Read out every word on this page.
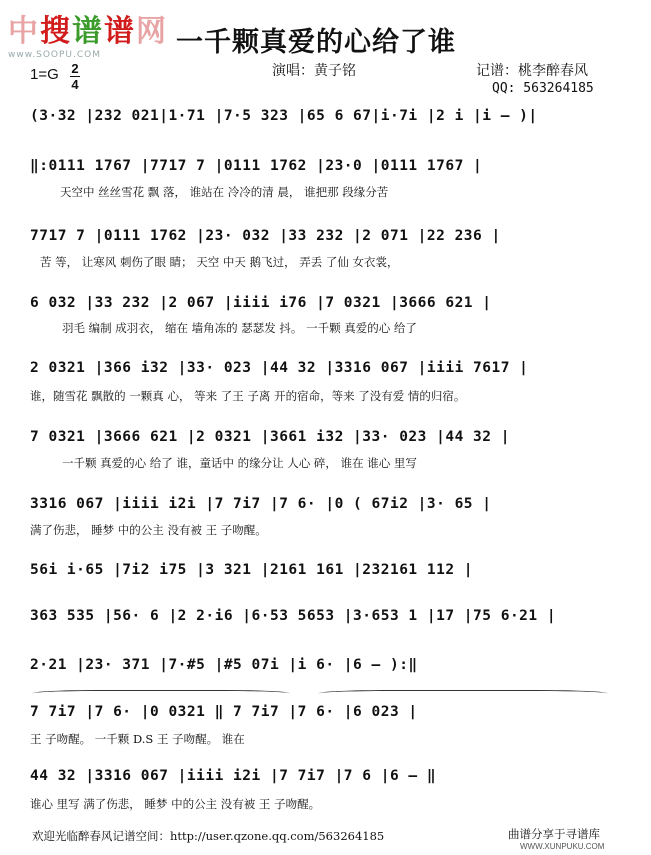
中搜谱谱网
www.SOOPU.COM	一千颗真爱的心给了谁
演唱：黄子铭	记谱：桃李醉春风
QQ: 563264185
1=G 2
4
(3·32 |232 021|1·71 |7·5 323 |65 6 67|i·7i |2 i |i – )|
‖:0111 1767 |7717 7 |0111 1762 |23·0 |0111 1767 |
天空中 丝丝雪花 飘 落， 谁站在 冷冷的清 晨， 谁把那 段缘分苦
7717 7 |0111 1762 |23· 032 |33 232 |2 071 |22 236 |
苦 等， 让寒风 刺伤了眼 睛； 天空 中天 鹅飞过， 弄丢 了仙 女衣裳，
6 032 |33 232 |2 067 |iiii i76 |7 0321 |3666 621 |
羽毛 编制 成羽衣， 缩在 墙角冻的 瑟瑟发 抖。 一千颗 真爱的心 给了
2 0321 |366 i32 |33· 023 |44 32 |3316 067 |iiii 7617 |
谁，随雪花 飘散的 一颗真 心， 等来 了王 子离 开的宿命，等来 了没有爱 情的归宿。
7 0321 |3666 621 |2 0321 |3661 i32 |33· 023 |44 32 |
一千颗 真爱的心 给了 谁，童话中 的缘分让 人心 碎， 谁在 谁心 里写
3316 067 |iiii i2i |7 7i7 |7 6· |0 ( 67i2 |3· 65 |
满了伤悲， 睡梦 中的公主 没有被 王 子吻醒。
56i i·65 |7i2 i75 |3 321 |2161 161 |232161 112 |
363 535 |56· 6 |2 2·i6 |6·53 5653 |3·653 1 |17 |75 6·21 |
2·21 |23· 371 |7·#5 |#5 07i |i 6· |6 – ):‖
7 7i7 |7 6· |0 0321 ‖ 7 7i7 |7 6· |6 023 |
王 子吻醒。 一千颗 D.S 王 子吻醒。 谁在
44 32 |3316 067 |iiii i2i |7 7i7 |7 6 |6 – ‖
谁心 里写 满了伤悲， 睡梦 中的公主 没有被 王 子吻醒。
欢迎光临醉春风记谱空间：http://user.qzone.qq.com/563264185	曲谱分享于寻谱库
WWW.XUNPUKU.COM
